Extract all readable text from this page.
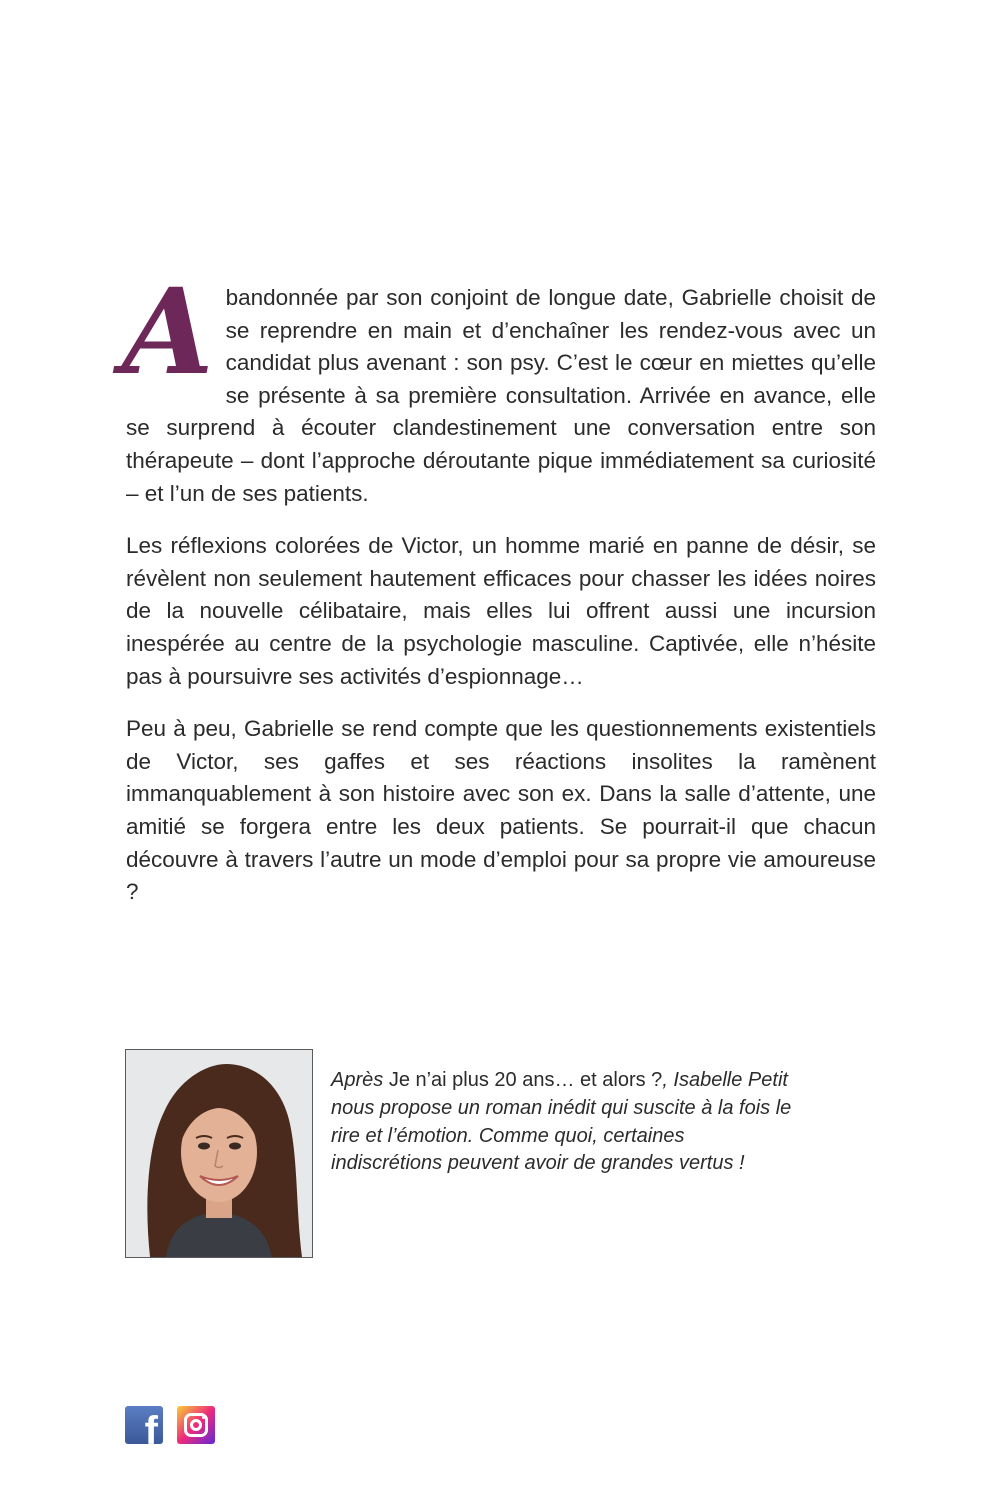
Abandonnée par son conjoint de longue date, Gabrielle choisit de se reprendre en main et d’enchaîner les rendez-vous avec un candidat plus avenant : son psy. C’est le cœur en miettes qu’elle se présente à sa première consultation. Arrivée en avance, elle se surprend à écouter clandestinement une conversation entre son thérapeute – dont l’approche déroutante pique immédiatement sa curiosité – et l’un de ses patients.

Les réflexions colorées de Victor, un homme marié en panne de désir, se révèlent non seulement hautement efficaces pour chasser les idées noires de la nouvelle célibataire, mais elles lui offrent aussi une incursion inespérée au centre de la psychologie masculine. Captivée, elle n’hésite pas à poursuivre ses activités d’espionnage…

Peu à peu, Gabrielle se rend compte que les questionnements existentiels de Victor, ses gaffes et ses réactions insolites la ramènent immanquablement à son histoire avec son ex. Dans la salle d’attente, une amitié se forgera entre les deux patients. Se pourrait-il que chacun découvre à travers l’autre un mode d’emploi pour sa propre vie amoureuse ?

Après Je n’ai plus 20 ans… et alors ?, Isabelle Petit nous propose un roman inédit qui suscite à la fois le rire et l’émotion. Comme quoi, certaines indiscrétions peuvent avoir de grandes vertus !
f
